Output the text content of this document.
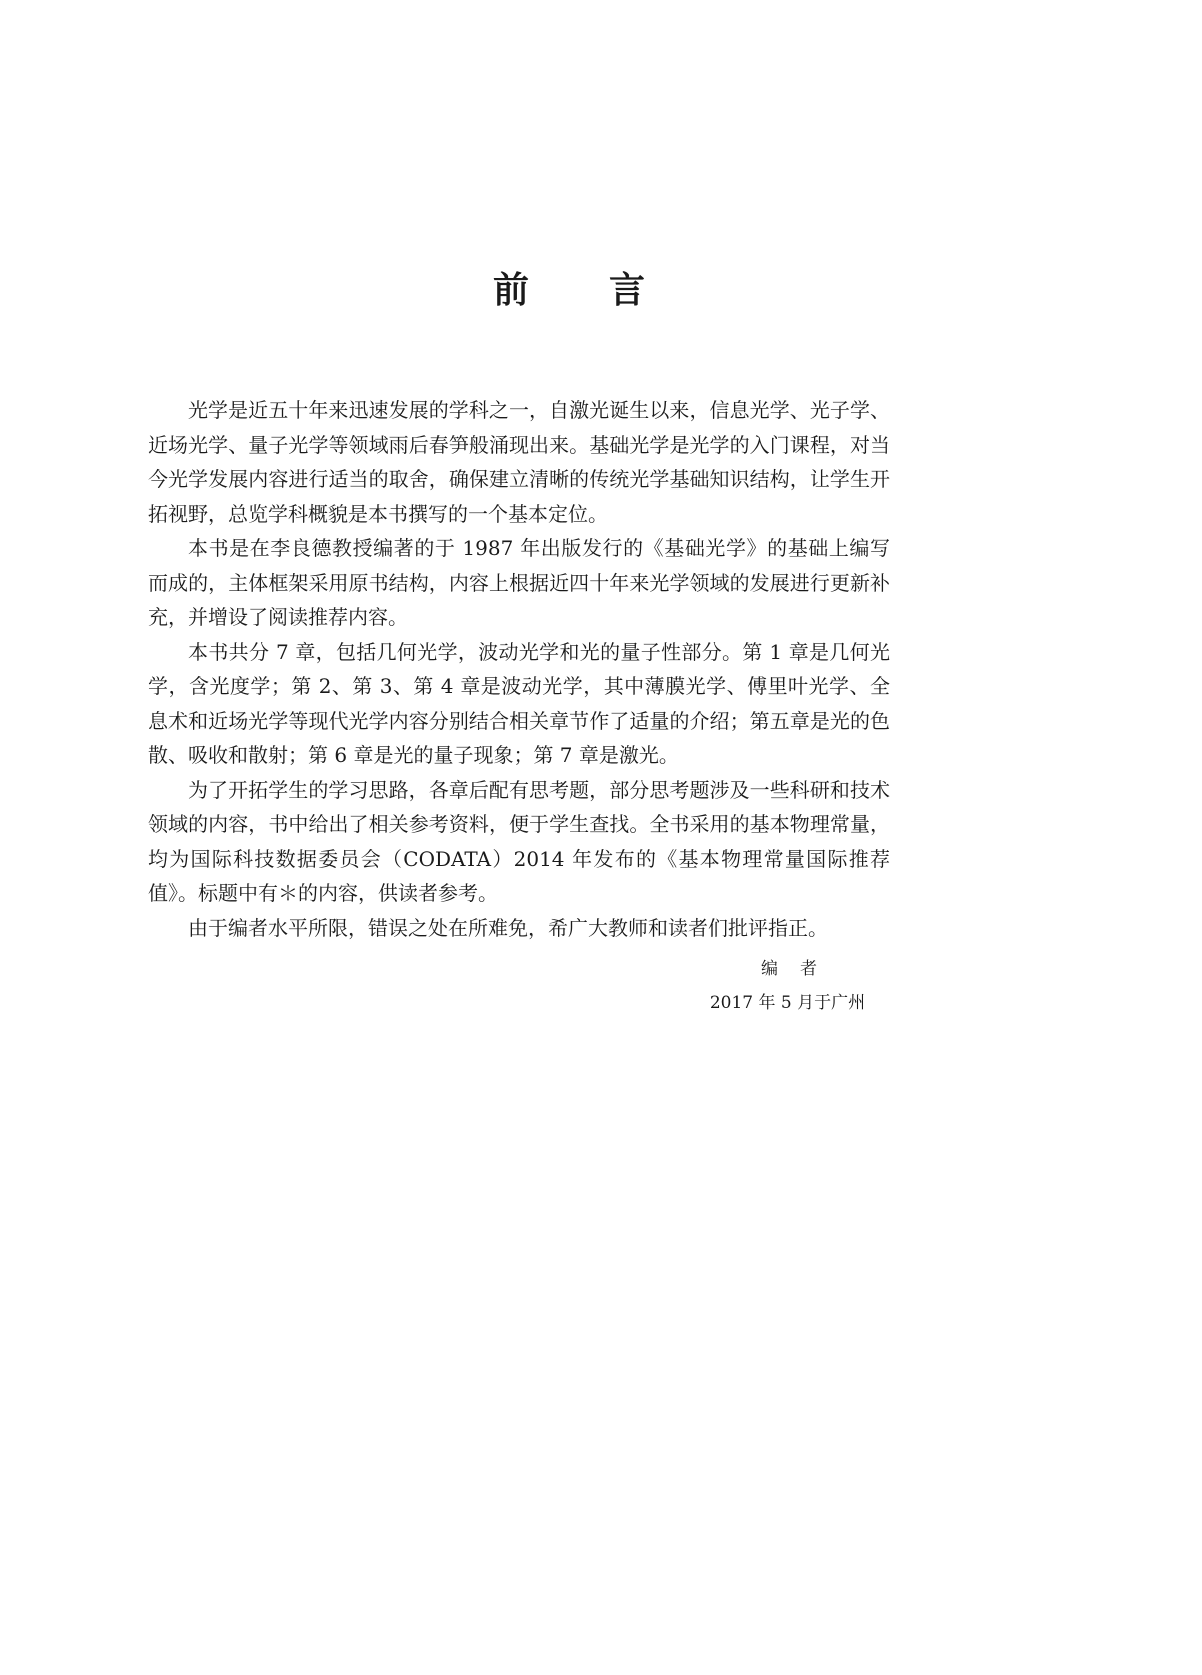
前 言

光学是近五十年来迅速发展的学科之一，自激光诞生以来，信息光学、光子学、近场光学、量子光学等领域雨后春笋般涌现出来。基础光学是光学的入门课程，对当今光学发展内容进行适当的取舍，确保建立清晰的传统光学基础知识结构，让学生开拓视野，总览学科概貌是本书撰写的一个基本定位。

本书是在李良德教授编著的于 1987 年出版发行的《基础光学》的基础上编写而成的，主体框架采用原书结构，内容上根据近四十年来光学领域的发展进行更新补充，并增设了阅读推荐内容。

本书共分 7 章，包括几何光学，波动光学和光的量子性部分。第 1 章是几何光学，含光度学；第 2、第 3、第 4 章是波动光学，其中薄膜光学、傅里叶光学、全息术和近场光学等现代光学内容分别结合相关章节作了适量的介绍；第五章是光的色散、吸收和散射；第 6 章是光的量子现象；第 7 章是激光。

为了开拓学生的学习思路，各章后配有思考题，部分思考题涉及一些科研和技术领域的内容，书中给出了相关参考资料，便于学生查找。全书采用的基本物理常量，均为国际科技数据委员会（CODATA）2014 年发布的《基本物理常量国际推荐值》。标题中有＊的内容，供读者参考。

由于编者水平所限，错误之处在所难免，希广大教师和读者们批评指正。

编者
2017 年 5 月于广州
